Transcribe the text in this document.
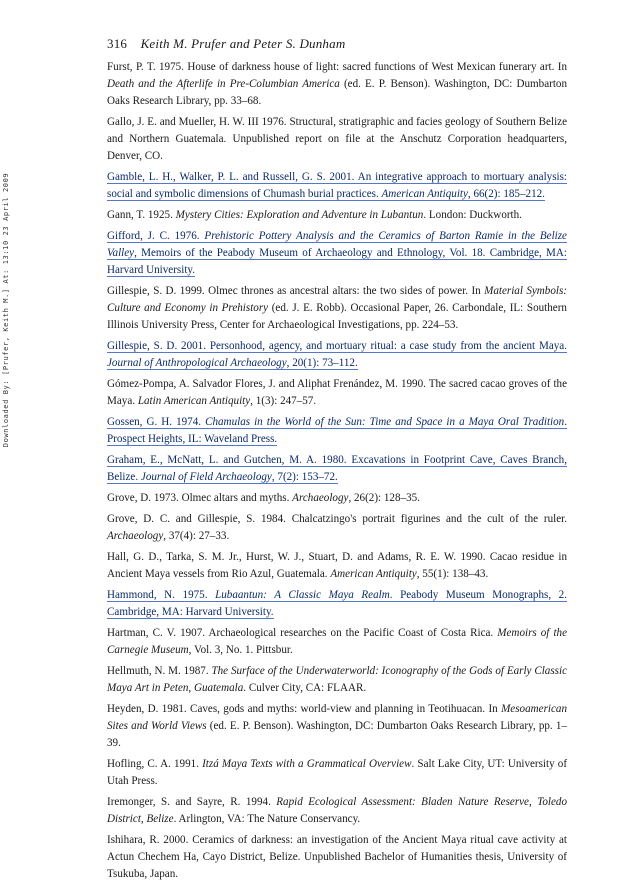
Downloaded By: [Prufer, Keith M.] At: 13:10 23 April 2009
316 Keith M. Prufer and Peter S. Dunham

Furst, P. T. 1975. House of darkness house of light: sacred functions of West Mexican funerary art. In Death and the Afterlife in Pre-Columbian America (ed. E. P. Benson). Washington, DC: Dumbarton Oaks Research Library, pp. 33–68.

Gallo, J. E. and Mueller, H. W. III 1976. Structural, stratigraphic and facies geology of Southern Belize and Northern Guatemala. Unpublished report on file at the Anschutz Corporation headquarters, Denver, CO.

Gamble, L. H., Walker, P. L. and Russell, G. S. 2001. An integrative approach to mortuary analysis: social and symbolic dimensions of Chumash burial practices. American Antiquity, 66(2): 185–212.

Gann, T. 1925. Mystery Cities: Exploration and Adventure in Lubantun. London: Duckworth.

Gifford, J. C. 1976. Prehistoric Pottery Analysis and the Ceramics of Barton Ramie in the Belize Valley, Memoirs of the Peabody Museum of Archaeology and Ethnology, Vol. 18. Cambridge, MA: Harvard University.

Gillespie, S. D. 1999. Olmec thrones as ancestral altars: the two sides of power. In Material Symbols: Culture and Economy in Prehistory (ed. J. E. Robb). Occasional Paper, 26. Carbondale, IL: Southern Illinois University Press, Center for Archaeological Investigations, pp. 224–53.

Gillespie, S. D. 2001. Personhood, agency, and mortuary ritual: a case study from the ancient Maya. Journal of Anthropological Archaeology, 20(1): 73–112.

Gómez-Pompa, A. Salvador Flores, J. and Aliphat Frenández, M. 1990. The sacred cacao groves of the Maya. Latin American Antiquity, 1(3): 247–57.

Gossen, G. H. 1974. Chamulas in the World of the Sun: Time and Space in a Maya Oral Tradition. Prospect Heights, IL: Waveland Press.

Graham, E., McNatt, L. and Gutchen, M. A. 1980. Excavations in Footprint Cave, Caves Branch, Belize. Journal of Field Archaeology, 7(2): 153–72.

Grove, D. 1973. Olmec altars and myths. Archaeology, 26(2): 128–35.

Grove, D. C. and Gillespie, S. 1984. Chalcatzingo's portrait figurines and the cult of the ruler. Archaeology, 37(4): 27–33.

Hall, G. D., Tarka, S. M. Jr., Hurst, W. J., Stuart, D. and Adams, R. E. W. 1990. Cacao residue in Ancient Maya vessels from Rio Azul, Guatemala. American Antiquity, 55(1): 138–43.

Hammond, N. 1975. Lubaantun: A Classic Maya Realm. Peabody Museum Monographs, 2. Cambridge, MA: Harvard University.

Hartman, C. V. 1907. Archaeological researches on the Pacific Coast of Costa Rica. Memoirs of the Carnegie Museum, Vol. 3, No. 1. Pittsbur.

Hellmuth, N. M. 1987. The Surface of the Underwaterworld: Iconography of the Gods of Early Classic Maya Art in Peten, Guatemala. Culver City, CA: FLAAR.

Heyden, D. 1981. Caves, gods and myths: world-view and planning in Teotihuacan. In Mesoamerican Sites and World Views (ed. E. P. Benson). Washington, DC: Dumbarton Oaks Research Library, pp. 1–39.

Hofling, C. A. 1991. Itzá Maya Texts with a Grammatical Overview. Salt Lake City, UT: University of Utah Press.

Iremonger, S. and Sayre, R. 1994. Rapid Ecological Assessment: Bladen Nature Reserve, Toledo District, Belize. Arlington, VA: The Nature Conservancy.

Ishihara, R. 2000. Ceramics of darkness: an investigation of the Ancient Maya ritual cave activity at Actun Chechem Ha, Cayo District, Belize. Unpublished Bachelor of Humanities thesis, University of Tsukuba, Japan.
